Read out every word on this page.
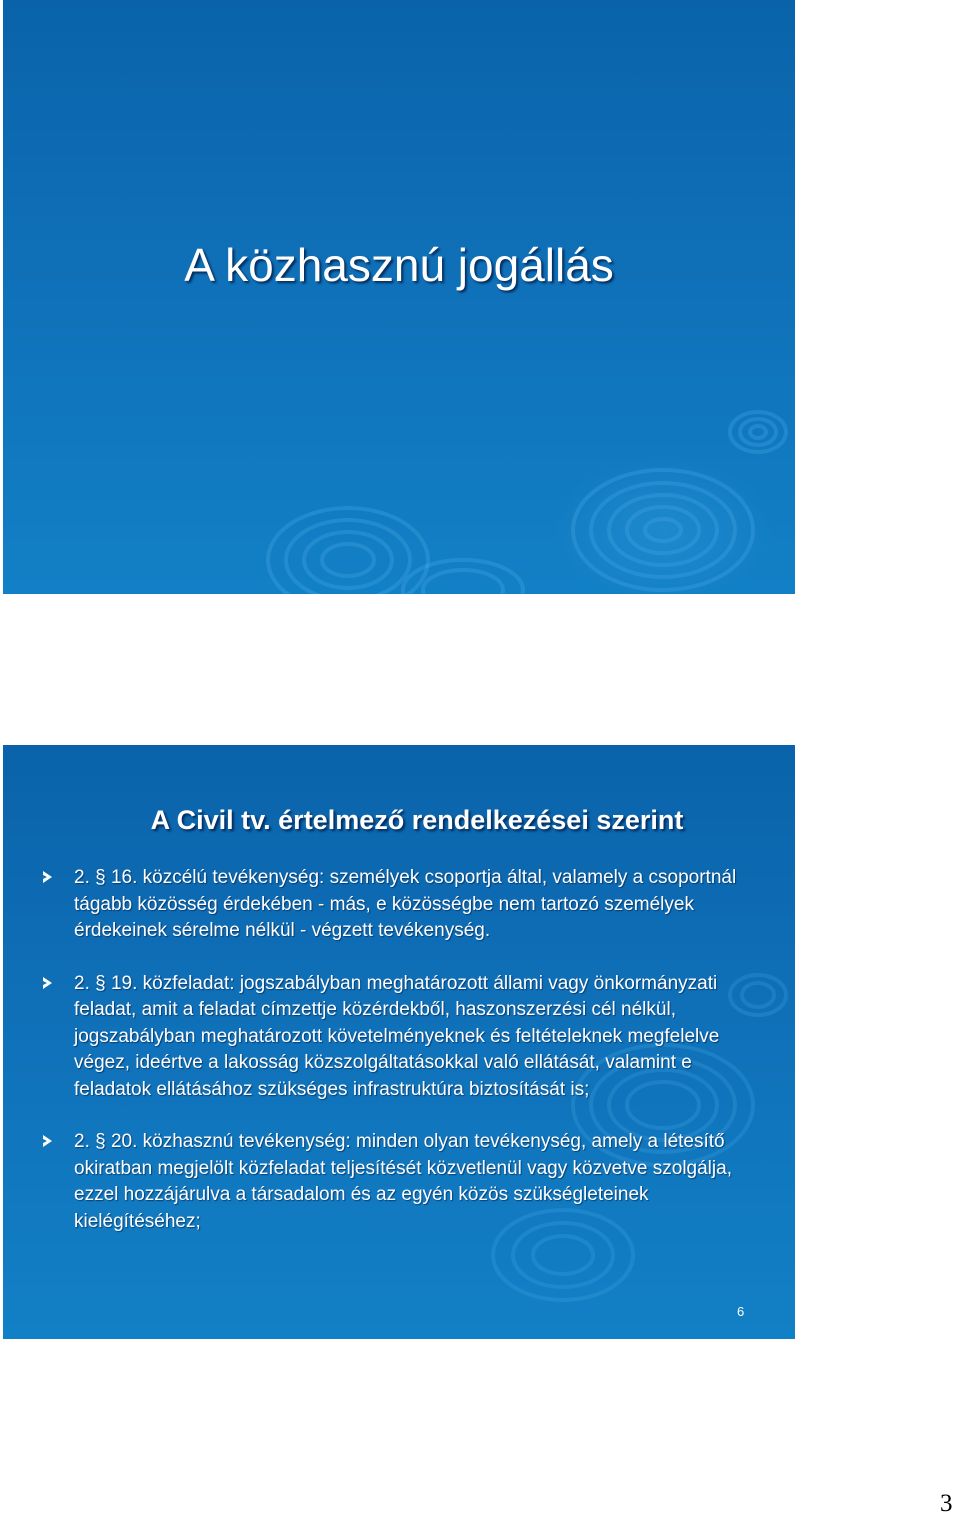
A közhasznú jogállás
A Civil tv. értelmező rendelkezései szerint
2. § 16. közcélú tevékenység: személyek csoportja által, valamely a csoportnál tágabb közösség érdekében - más, e közösségbe nem tartozó személyek érdekeinek sérelme nélkül - végzett tevékenység.
2. § 19. közfeladat: jogszabályban meghatározott állami vagy önkormányzati feladat, amit a feladat címzettje közérdekből, haszonszerzési cél nélkül, jogszabályban meghatározott követelményeknek és feltételeknek megfelelve végez, ideértve a lakosság közszolgáltatásokkal való ellátását, valamint e feladatok ellátásához szükséges infrastruktúra biztosítását is;
2. § 20. közhasznú tevékenység: minden olyan tevékenység, amely a létesítő okiratban megjelölt közfeladat teljesítését közvetlenül vagy közvetve szolgálja, ezzel hozzájárulva a társadalom és az egyén közös szükségleteinek kielégítéséhez;
6
3
